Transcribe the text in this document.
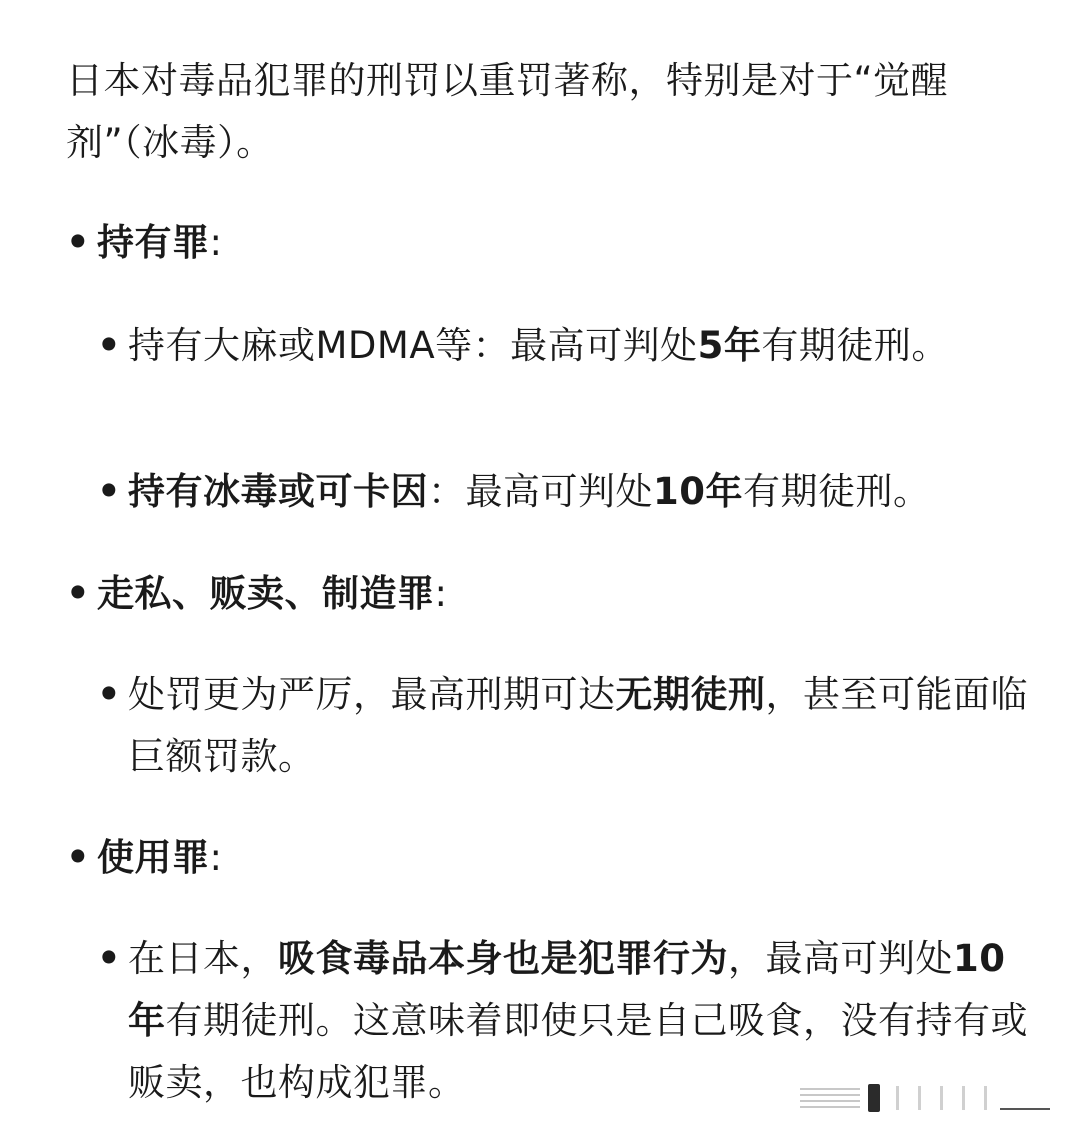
日本对毒品犯罪的刑罚以重罚著称，特别是对于“觉醒剂”（冰毒）。
• 持有罪:
• 持有大麻或MDMA等：最高可判处5年有期徒刑。
• 持有冰毒或可卡因：最高可判处10年有期徒刑。
• 走私、贩卖、制造罪:
• 处罚更为严厉，最高刑期可达无期徒刑，甚至可能面临巨额罚款。
• 使用罪:
• 在日本，吸食毒品本身也是犯罪行为，最高可判处10年有期徒刑。这意味着即使只是自己吸食，没有持有或贩卖，也构成犯罪。
